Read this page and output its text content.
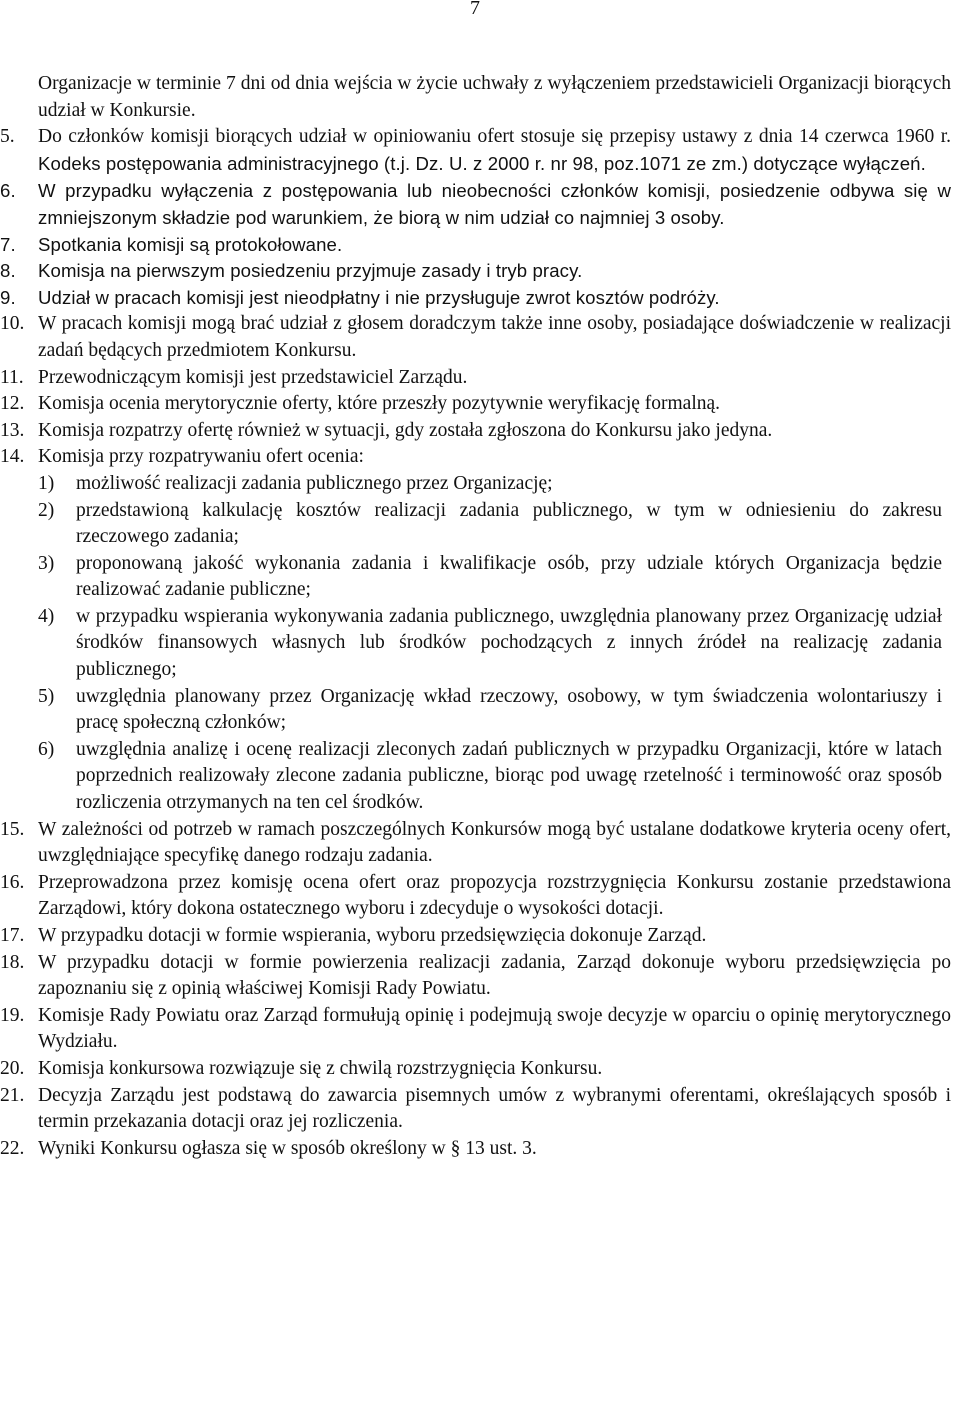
7
Organizacje w terminie 7 dni od dnia wejścia w życie uchwały z wyłączeniem przedstawicieli Organizacji biorących udział w Konkursie.
5. Do członków komisji biorących udział w opiniowaniu ofert stosuje się przepisy ustawy z dnia 14 czerwca 1960 r. Kodeks postępowania administracyjnego (t.j. Dz. U. z 2000 r. nr 98, poz.1071 ze zm.) dotyczące wyłączeń.
6. W przypadku wyłączenia z postępowania lub nieobecności członków komisji, posiedzenie odbywa się w zmniejszonym składzie pod warunkiem, że biorą w nim udział co najmniej 3 osoby.
7. Spotkania komisji są protokołowane.
8. Komisja na pierwszym posiedzeniu przyjmuje zasady i tryb pracy.
9. Udział w pracach komisji jest nieodpłatny i nie przysługuje zwrot kosztów podróży.
10. W pracach komisji mogą brać udział z głosem doradczym także inne osoby, posiadające doświadczenie w realizacji zadań będących przedmiotem Konkursu.
11. Przewodniczącym komisji jest przedstawiciel Zarządu.
12. Komisja ocenia merytorycznie oferty, które przeszły pozytywnie weryfikację formalną.
13. Komisja rozpatrzy ofertę również w sytuacji, gdy została zgłoszona do Konkursu jako jedyna.
14. Komisja przy rozpatrywaniu ofert ocenia:
1) możliwość realizacji zadania publicznego przez Organizację;
2) przedstawioną kalkulację kosztów realizacji zadania publicznego, w tym w odniesieniu do zakresu rzeczowego zadania;
3) proponowaną jakość wykonania zadania i kwalifikacje osób, przy udziale których Organizacja będzie realizować zadanie publiczne;
4) w przypadku wspierania wykonywania zadania publicznego, uwzględnia planowany przez Organizację udział środków finansowych własnych lub środków pochodzących z innych źródeł na realizację zadania publicznego;
5) uwzględnia planowany przez Organizację wkład rzeczowy, osobowy, w tym świadczenia wolontariuszy i pracę społeczną członków;
6) uwzględnia analizę i ocenę realizacji zleconych zadań publicznych w przypadku Organizacji, które w latach poprzednich realizowały zlecone zadania publiczne, biorąc pod uwagę rzetelność i terminowość oraz sposób rozliczenia otrzymanych na ten cel środków.
15. W zależności od potrzeb w ramach poszczególnych Konkursów mogą być ustalane dodatkowe kryteria oceny ofert, uwzględniające specyfikę danego rodzaju zadania.
16. Przeprowadzona przez komisję ocena ofert oraz propozycja rozstrzygnięcia Konkursu zostanie przedstawiona Zarządowi, który dokona ostatecznego wyboru i zdecyduje o wysokości dotacji.
17. W przypadku dotacji w formie wspierania, wyboru przedsięwzięcia dokonuje Zarząd.
18. W przypadku dotacji w formie powierzenia realizacji zadania, Zarząd dokonuje wyboru przedsięwzięcia po zapoznaniu się z opinią właściwej Komisji Rady Powiatu.
19. Komisje Rady Powiatu oraz Zarząd formułują opinię i podejmują swoje decyzje w oparciu o opinię merytorycznego Wydziału.
20. Komisja konkursowa rozwiązuje się z chwilą rozstrzygnięcia Konkursu.
21. Decyzja Zarządu jest podstawą do zawarcia pisemnych umów z wybranymi oferentami, określających sposób i termin przekazania dotacji oraz jej rozliczenia.
22. Wyniki Konkursu ogłasza się w sposób określony w § 13 ust. 3.
